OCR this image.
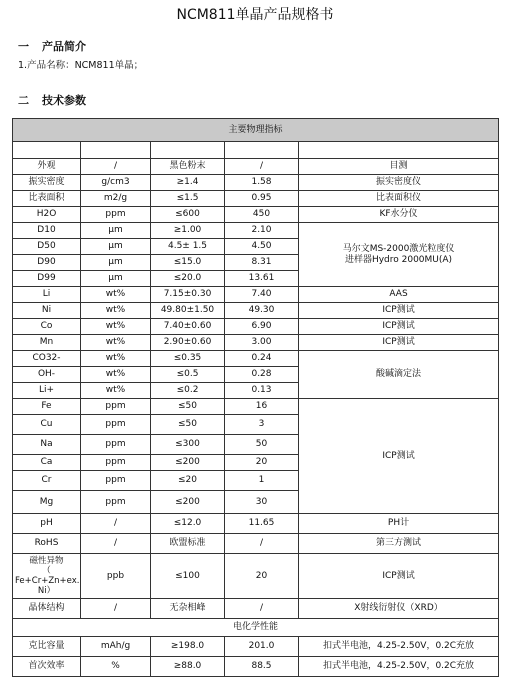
NCM811单晶产品规格书
一 产品简介
1.产品名称：NCM811单晶；
二 技术参数
主要物理指标				

外观	/	黑色粉末	/	目测
振实密度	g/cm3	≥1.4	1.58	振实密度仪
比表面积	m2/g	≤1.5	0.95	比表面积仪
H2O	ppm	≤600	450	KF水分仪
D10	μm	≥1.00	2.10	马尔文MS-2000激光粒度仪
进样器Hydro 2000MU(A)

D50	μm	4.5± 1.5	4.50	
D90	μm	≤15.0	8.31	
D99	μm	≤20.0	13.61	
Li	wt%	7.15±0.30	7.40	AAS
Ni	wt%	49.80±1.50	49.30	ICP测试
Co	wt%	7.40±0.60	6.90	ICP测试
Mn	wt%	2.90±0.60	3.00	ICP测试
CO32-	wt%	≤0.35	0.24	酸碱滴定法
OH-	wt%	≤0.5	0.28	
Li+	wt%	≤0.2	0.13	
Fe	ppm	≤50	16	ICP测试
Cu	ppm	≤50	3	
Na	ppm	≤300	50	
Ca	ppm	≤200	20	
Cr	ppm	≤20	1	
Mg	ppm	≤200	30	
pH	/	≤12.0	11.65	PH计
RoHS	/	欧盟标准	/	第三方测试
磁性异物
（
Fe+Cr+Zn+ex.
Ni）	ppb	≤100	20	ICP测试
晶体结构	/	无杂相峰	/	X射线衍射仪（XRD）
电化学性能				
克比容量	mAh/g	≥198.0	201.0	扣式半电池，4.25-2.50V，0.2C充放
首次效率	%	≥88.0	88.5	扣式半电池，4.25-2.50V，0.2C充放
